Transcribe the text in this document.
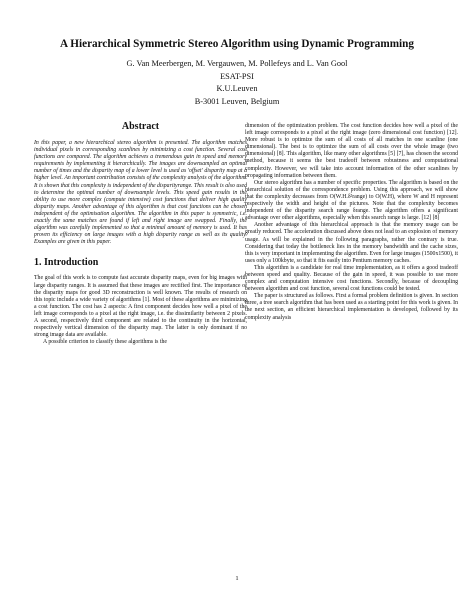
A Hierarchical Symmetric Stereo Algorithm using Dynamic Programming
G. Van Meerbergen, M. Vergauwen, M. Pollefeys and L. Van Gool
ESAT-PSI
K.U.Leuven
B-3001 Leuven, Belgium
Abstract

In this paper, a new hierarchical stereo algorithm is presented. The algorithm matches individual pixels in corresponding scanlines by minimizing a cost function. Several cost functions are compared. The algorithm achieves a tremendous gain in speed and memory requirements by implementing it hierarchically. The images are downsampled an optimal number of times and the disparity map of a lower level is used as 'offset' disparity map at a higher level. An important contribution consists of the complexity analysis of the algorithm. It is shown that this complexity is independent of the disparityrange. This result is also used to determine the optimal number of downsample levels. This speed gain results in the ability to use more complex (compute intensive) cost functions that deliver high quality disparity maps. Another advantage of this algorithm is that cost functions can be chosen independent of the optimisation algorithm. The algorithm in this paper is symmetric, i.e. exactly the same matches are found if left and right image are swapped. Finally, the algorithm was carefully implemented so that a minimal amount of memory is used. It has proven its efficiency on large images with a high disparity range as well as its quality. Examples are given in this paper.

1. Introduction

The goal of this work is to compute fast accurate disparity maps, even for big images with large disparity ranges. It is assumed that these images are rectified first. The importance of the disparity maps for good 3D reconstruction is well known. The results of research on this topic include a wide variety of algorithms [1]. Most of these algorithms are minimizing a cost function. The cost has 2 aspects: A first component decides how well a pixel of the left image corresponds to a pixel at the right image, i.e. the dissimilarity between 2 pixels. A second, respectively third component are related to the continuity in the horizontal, respectively vertical dimension of the disparity map. The latter is only dominant if no strong image data are available.

A possible criterion to classify these algorithms is the

dimension of the optimization problem. The cost function decides how well a pixel of the left image corresponds to a pixel at the right image (zero dimensional cost function) [12]. More robust is to optimize the sum of all costs of all matches in one scanline (one dimensional). The best is to optimize the sum of all costs over the whole image (two dimensional) [8]. This algorithm, like many other algorithms [5] [7], has chosen the second method, because it seems the best tradeoff between robustness and computational complexity. However, we will take into account information of the other scanlines by propagating information between them.

Our stereo algorithm has a number of specific properties. The algorithm is based on the hierarchical solution of the correspondence problem. Using this approach, we will show that the complexity decreases from O(W.H.δ²range) to O(W.H), where W and H represent respectively the width and height of the pictures. Note that the complexity becomes independent of the disparity search range δrange. The algorithm offers a significant advantage over other algorithms, especially when this search range is large. [12] [8]

Another advantage of this hierarchical approach is that the memory usage can be greatly reduced. The acceleration discussed above does not lead to an explosion of memory usage. As will be explained in the following paragraphs, rather the contrary is true. Considering that today the bottleneck lies in the memory bandwidth and the cache sizes, this is very important in implementing the algorithm. Even for large images (1500x1500), it uses only a 100kbyte, so that it fits easily into Pentium memory caches.

This algorithm is a candidate for real time implementation, as it offers a good tradeoff between speed and quality. Because of the gain in speed, it was possible to use more complex and computation intensive cost functions. Secondly, because of decoupling between algorithm and cost function, several cost functions could be tested.

The paper is structured as follows. First a formal problem definition is given. In section three, a tree search algorithm that has been used as a starting point for this work is given. In the next section, an efficient hierarchical implementation is developed, followed by its complexity analysis

1
